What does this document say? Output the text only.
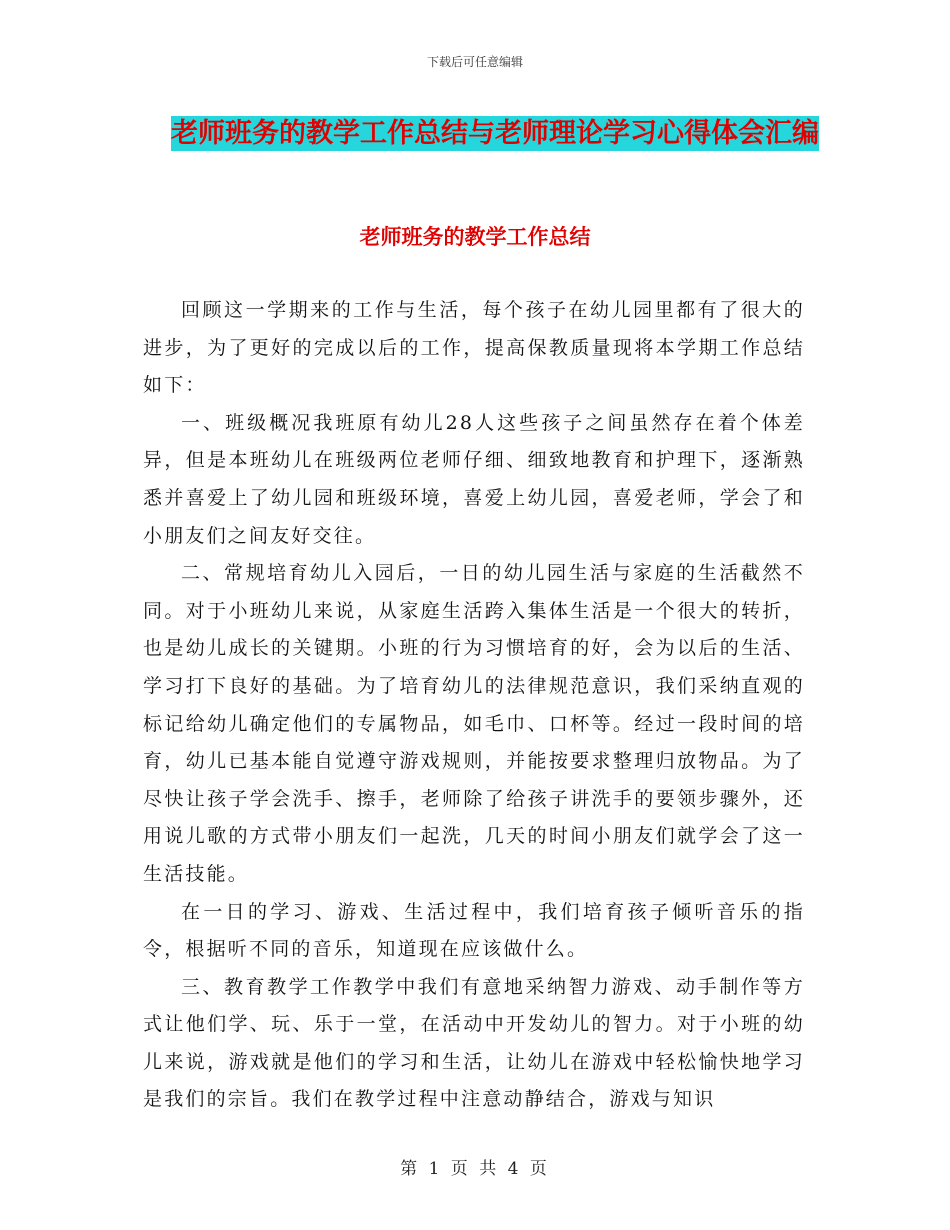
下载后可任意编辑
老师班务的教学工作总结与老师理论学习心得体会汇编
老师班务的教学工作总结

回顾这一学期来的工作与生活，每个孩子在幼儿园里都有了很大的进步，为了更好的完成以后的工作，提高保教质量现将本学期工作总结如下：

一、班级概况我班原有幼儿28人这些孩子之间虽然存在着个体差异，但是本班幼儿在班级两位老师仔细、细致地教育和护理下，逐渐熟悉并喜爱上了幼儿园和班级环境，喜爱上幼儿园，喜爱老师，学会了和小朋友们之间友好交往。

二、常规培育幼儿入园后，一日的幼儿园生活与家庭的生活截然不同。对于小班幼儿来说，从家庭生活跨入集体生活是一个很大的转折，也是幼儿成长的关键期。小班的行为习惯培育的好，会为以后的生活、学习打下良好的基础。为了培育幼儿的法律规范意识，我们采纳直观的标记给幼儿确定他们的专属物品，如毛巾、口杯等。经过一段时间的培育，幼儿已基本能自觉遵守游戏规则，并能按要求整理归放物品。为了尽快让孩子学会洗手、擦手，老师除了给孩子讲洗手的要领步骤外，还用说儿歌的方式带小朋友们一起洗，几天的时间小朋友们就学会了这一生活技能。

在一日的学习、游戏、生活过程中，我们培育孩子倾听音乐的指令，根据听不同的音乐，知道现在应该做什么。

三、教育教学工作教学中我们有意地采纳智力游戏、动手制作等方式让他们学、玩、乐于一堂，在活动中开发幼儿的智力。对于小班的幼儿来说，游戏就是他们的学习和生活，让幼儿在游戏中轻松愉快地学习是我们的宗旨。我们在教学过程中注意动静结合，游戏与知识

第 1 页 共 4 页
